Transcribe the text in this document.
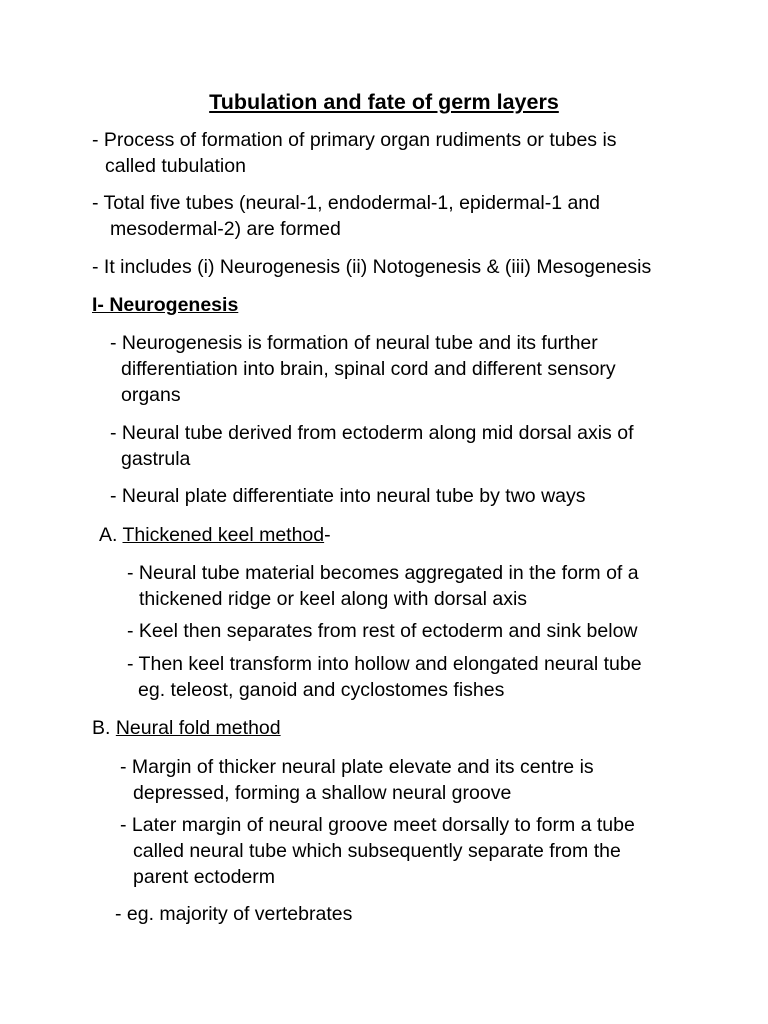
Tubulation and fate of germ layers
- Process of formation of primary organ rudiments or tubes is
called tubulation
- Total five tubes (neural-1, endodermal-1, epidermal-1 and
mesodermal-2) are formed
- It includes (i) Neurogenesis (ii) Notogenesis & (iii) Mesogenesis
I- Neurogenesis
- Neurogenesis is formation of neural tube and its further
differentiation into brain, spinal cord and different sensory
organs
- Neural tube derived from ectoderm along mid dorsal axis of
gastrula
- Neural plate differentiate into neural tube by two ways
A. Thickened keel method-
- Neural tube material becomes aggregated in the form of a
thickened ridge or keel along with dorsal axis
- Keel then separates from rest of ectoderm and sink below
- Then keel transform into hollow and elongated neural tube
eg. teleost, ganoid and cyclostomes fishes
B. Neural fold method
- Margin of thicker neural plate elevate and its centre is
depressed, forming a shallow neural groove
- Later margin of neural groove meet dorsally to form a tube
called neural tube which subsequently separate from the
parent ectoderm
- eg. majority of vertebrates
